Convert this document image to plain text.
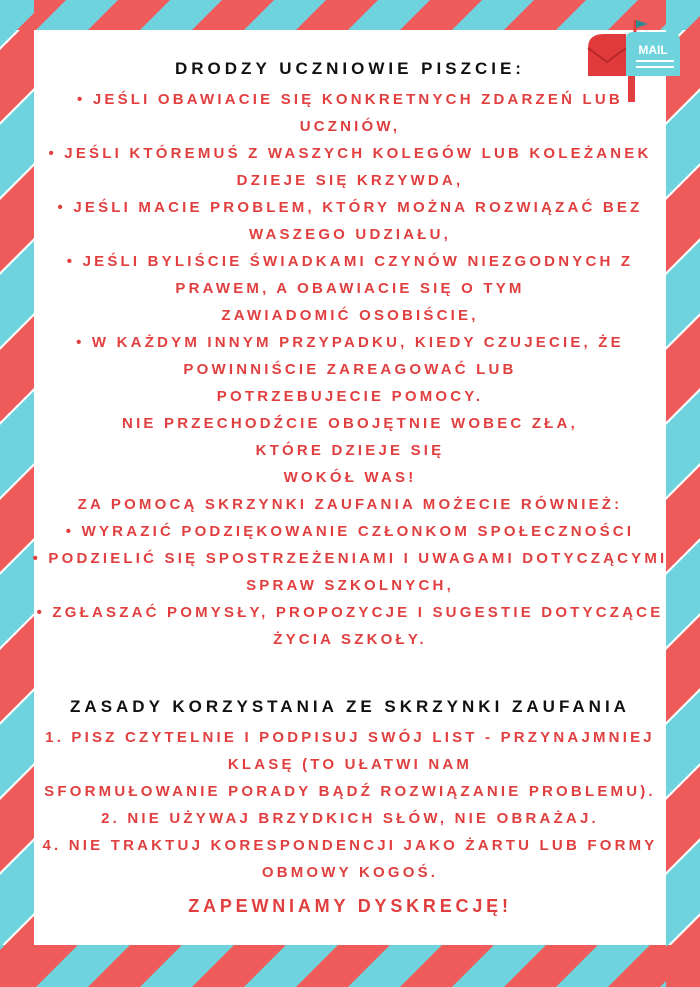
MAIL
DRODZY UCZNIOWIE PISZCIE:
• JEŚLI OBAWIACIE SIĘ KONKRETNYCH ZDARZEŃ LUB
UCZNIÓW,
• JEŚLI KTÓREMUŚ Z WASZYCH KOLEGÓW LUB KOLEŻANEK
DZIEJE SIĘ KRZYWDA,
• JEŚLI MACIE PROBLEM, KTÓRY MOŻNA ROZWIĄZAĆ BEZ
WASZEGO UDZIAŁU,
• JEŚLI BYLIŚCIE ŚWIADKAMI CZYNÓW NIEZGODNYCH Z
PRAWEM, A OBAWIACIE SIĘ O TYM
ZAWIADOMIĆ OSOBIŚCIE,
• W KAŻDYM INNYM PRZYPADKU, KIEDY CZUJECIE, ŻE
POWINNIŚCIE ZAREAGOWAĆ LUB
POTRZEBUJECIE POMOCY.
NIE PRZECHODŹCIE OBOJĘTNIE WOBEC ZŁA,
KTÓRE DZIEJE SIĘ
WOKÓŁ WAS!
ZA POMOCĄ SKRZYNKI ZAUFANIA MOŻECIE RÓWNIEŻ:
• WYRAZIĆ PODZIĘKOWANIE CZŁONKOM SPOŁECZNOŚCI
• PODZIELIĆ SIĘ SPOSTRZEŻENIAMI I UWAGAMI DOTYCZĄCYMI
SPRAW SZKOLNYCH,
• ZGŁASZAĆ POMYSŁY, PROPOZYCJE I SUGESTIE DOTYCZĄCE
ŻYCIA SZKOŁY.
ZASADY KORZYSTANIA ZE SKRZYNKI ZAUFANIA
1. PISZ CZYTELNIE I PODPISUJ SWÓJ LIST - PRZYNAJMNIEJ
KLASĘ (TO UŁATWI NAM
SFORMUŁOWANIE PORADY BĄDŹ ROZWIĄZANIE PROBLEMU).
2. NIE UŻYWAJ BRZYDKICH SŁÓW, NIE OBRAŻAJ.
4. NIE TRAKTUJ KORESPONDENCJI JAKO ŻARTU LUB FORMY
OBMOWY KOGOŚ.
ZAPEWNIAMY DYSKRECJĘ!
